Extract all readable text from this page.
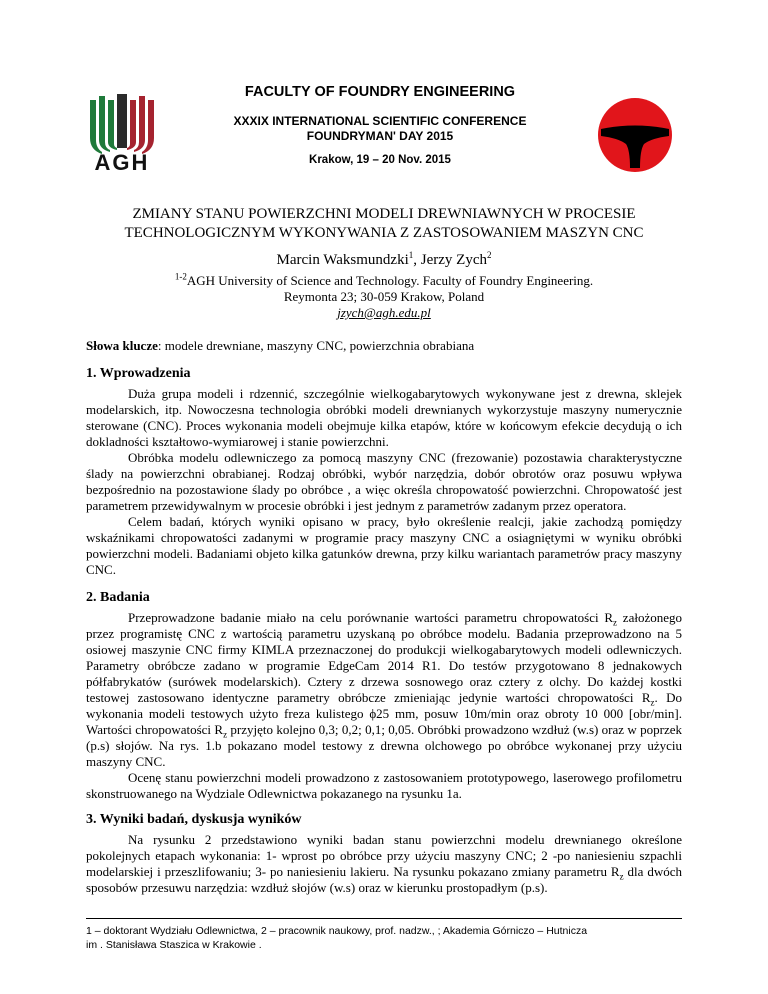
AGH
FACULTY OF FOUNDRY ENGINEERING
XXXIX INTERNATIONAL SCIENTIFIC CONFERENCE
FOUNDRYMAN' DAY 2015
Krakow, 19 – 20 Nov. 2015
ZMIANY STANU POWIERZCHNI MODELI DREWNIAWNYCH W PROCESIE
TECHNOLOGICZNYM WYKONYWANIA Z ZASTOSOWANIEM MASZYN CNC
Marcin Waksmundzki$^1$, Jerzy Zych$^2$
$^{1-2}$AGH University of Science and Technology. Faculty of Foundry Engineering.
Reymonta 23; 30-059 Krakow, Poland
jzych@agh.edu.pl
Słowa klucze: modele drewniane, maszyny CNC, powierzchnia obrabiana
1. Wprowadzenia

Duża grupa modeli i rdzennić, szczególnie wielkogabarytowych wykonywane jest z drewna, sklejek modelarskich, itp. Nowoczesna technologia obróbki modeli drewnianych wykorzystuje maszyny numerycznie sterowane (CNC). Proces wykonania modeli obejmuje kilka etapów, które w końcowym efekcie decydują o ich dokladności kształtowo-wymiarowej i stanie powierzchni.

Obróbka modelu odlewniczego za pomocą maszyny CNC (frezowanie) pozostawia charakterystyczne ślady na powierzchni obrabianej. Rodzaj obróbki, wybór narzędzia, dobór obrotów oraz posuwu wpływa bezpośrednio na pozostawione ślady po obróbce , a więc określa chropowatość powierzchni. Chropowatość jest parametrem przewidywalnym w procesie obróbki i jest jednym z parametrów zadanym przez operatora.

Celem badań, których wyniki opisano w pracy, było określenie realcji, jakie zachodzą pomiędzy wskaźnikami chropowatości zadanymi w programie pracy maszyny CNC a osiagniętymi w wyniku obróbki powierzchni modeli. Badaniami objeto kilka gatunków drewna, przy kilku wariantach parametrów pracy maszyny CNC.

2. Badania

Przeprowadzone badanie miało na celu porównanie wartości parametru chropowatości $R_z$ założonego przez programistę CNC z wartością parametru uzyskaną po obróbce modelu. Badania przeprowadzono na 5 osiowej maszynie CNC firmy KIMLA przeznaczonej do produkcji wielkogabarytowych modeli odlewniczych. Parametry obróbcze zadano w programie EdgeCam 2014 R1. Do testów przygotowano 8 jednakowych półfabrykatów (surówek modelarskich). Cztery z drzewa sosnowego oraz cztery z olchy. Do każdej kostki testowej zastosowano identyczne parametry obróbcze zmieniając jedynie wartości chropowatości $R_z$. Do wykonania modeli testowych użyto freza kulistego ϕ25 mm, posuw 10m/min oraz obroty 10 000 [obr/min]. Wartości chropowatości $R_z$ przyjęto kolejno 0,3; 0,2; 0,1; 0,05. Obróbki prowadzono wzdłuż (w.s) oraz w poprzek (p.s) słojów. Na rys. 1.b pokazano model testowy z drewna olchowego po obróbce wykonanej przy użyciu maszyny CNC.

Ocenę stanu powierzchni modeli prowadzono z zastosowaniem prototypowego, laserowego profilometru skonstruowanego na Wydziale Odlewnictwa pokazanego na rysunku 1a.

3. Wyniki badań, dyskusja wyników

Na rysunku 2 przedstawiono wyniki badan stanu powierzchni modelu drewnianego określone pokolejnych etapach wykonania: 1- wprost po obróbce przy użyciu maszyny CNC; 2 -po naniesieniu szpachli modelarskiej i przeszlifowaniu; 3- po naniesieniu lakieru. Na rysunku pokazano zmiany parametru $R_z$ dla dwóch sposobów przesuwu narzędzia: wzdłuż słojów (w.s) oraz w kierunku prostopadłym (p.s).

1 – doktorant Wydziału Odlewnictwa, 2 – pracownik naukowy, prof. nadzw., ; Akademia Górniczo – Hutnicza
im . Stanisława Staszica w Krakowie .
